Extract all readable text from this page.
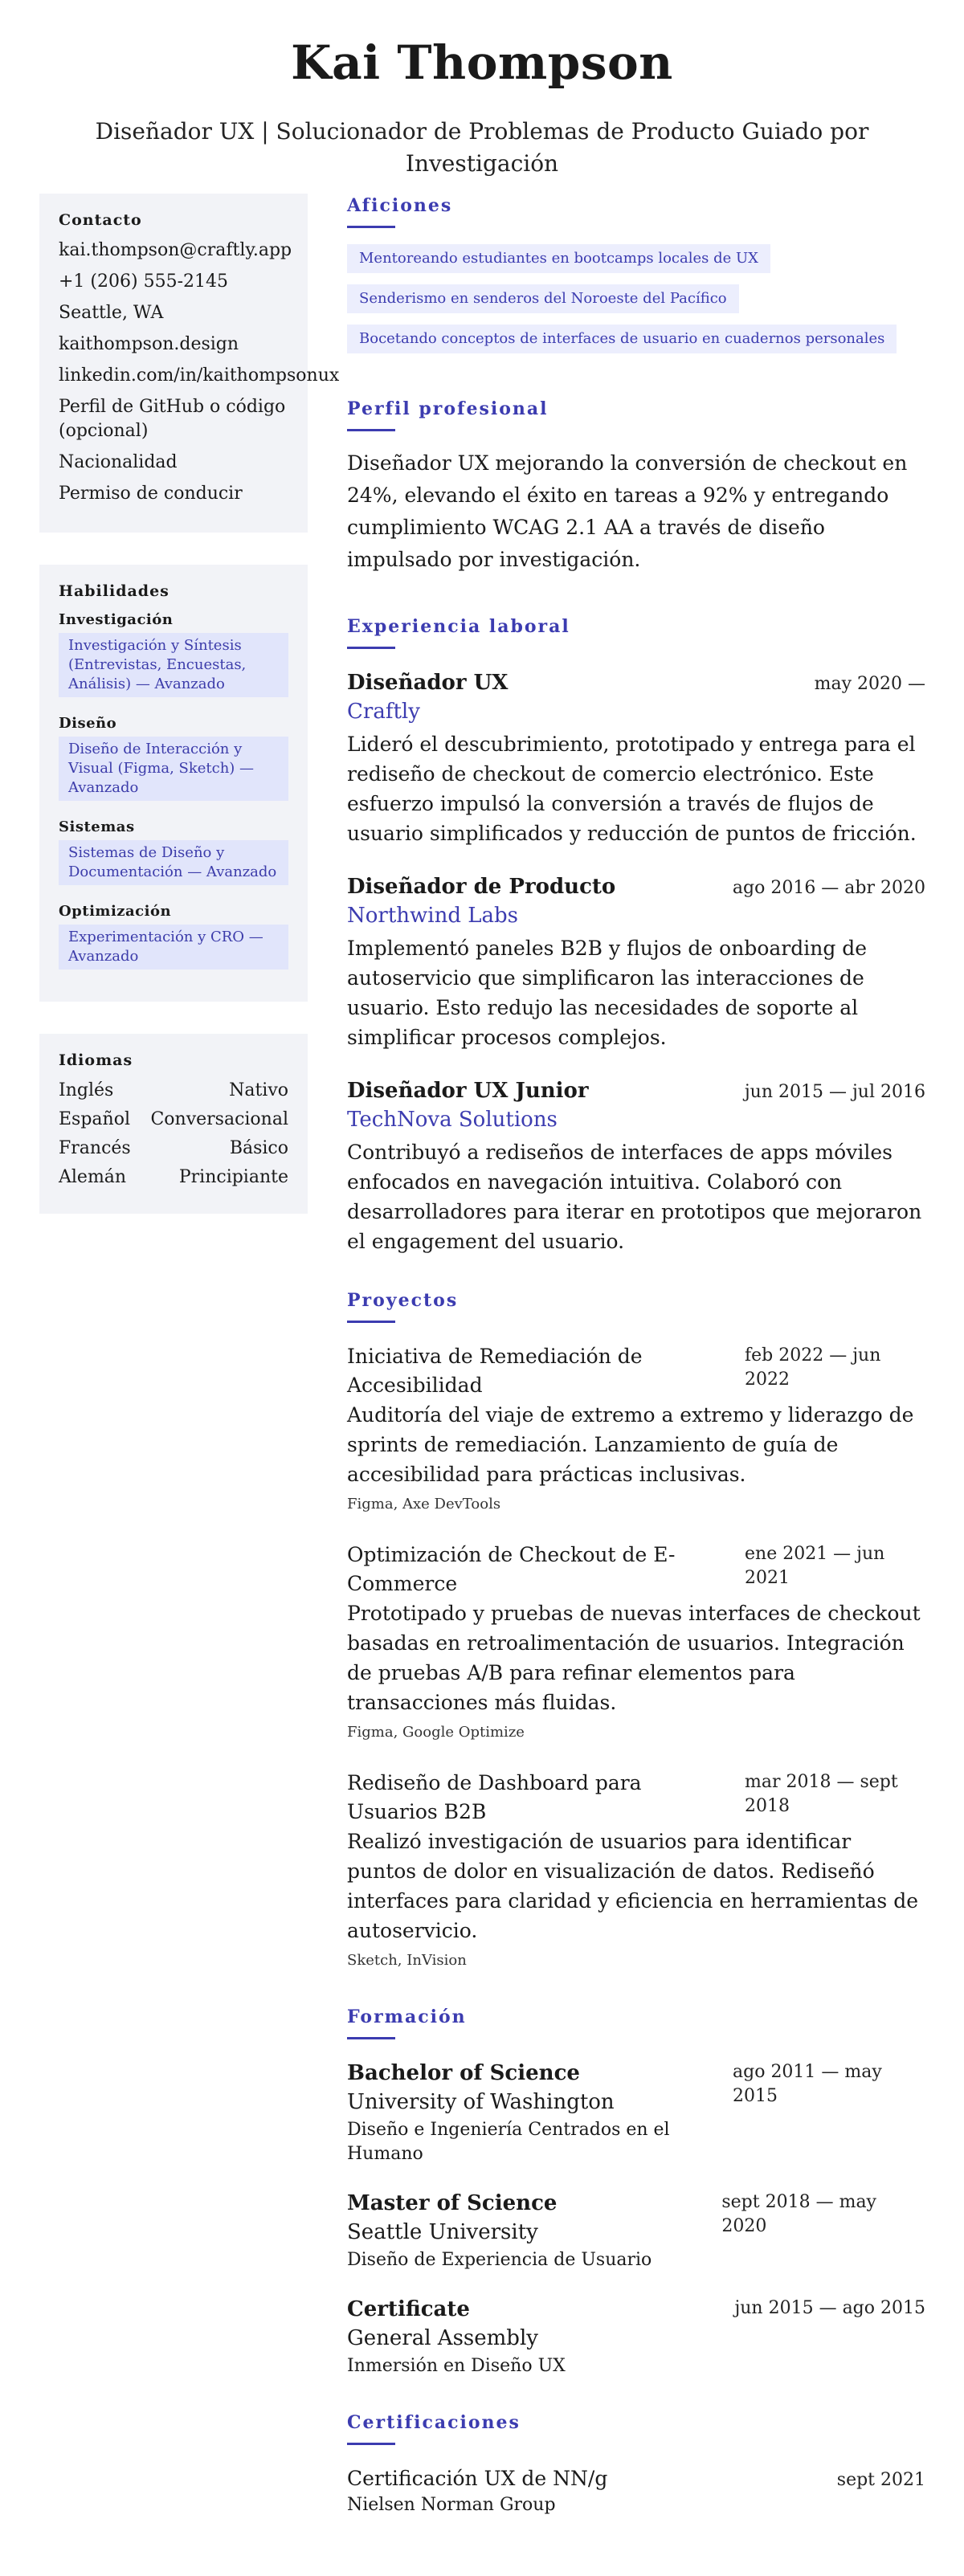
Kai Thompson
Diseñador UX | Solucionador de Problemas de Producto Guiado por Investigación
Contacto
kai.thompson@craftly.app
+1 (206) 555-2145
Seattle, WA
kaithompson.design
linkedin.com/in/kaithompsonux
Perfil de GitHub o código (opcional)
Nacionalidad
Permiso de conducir
Habilidades
Investigación
Investigación y Síntesis (Entrevistas, Encuestas, Análisis) — Avanzado
Diseño
Diseño de Interacción y Visual (Figma, Sketch) — Avanzado
Sistemas
Sistemas de Diseño y Documentación — Avanzado
Optimización
Experimentación y CRO — Avanzado
Idiomas
Inglés	Nativo
Español Conversacional
Francés	Básico
Alemán	Principiante
Aficiones
Mentoreando estudiantes en bootcamps locales de UX
Senderismo en senderos del Noroeste del Pacífico
Bocetando conceptos de interfaces de usuario en cuadernos personales
Perfil profesional
Diseñador UX mejorando la conversión de checkout en 24%, elevando el éxito en tareas a 92% y entregando cumplimiento WCAG 2.1 AA a través de diseño impulsado por investigación.
Experiencia laboral
Diseñador UX	may 2020 —
Craftly
Lideró el descubrimiento, prototipado y entrega para el rediseño de checkout de comercio electrónico. Este esfuerzo impulsó la conversión a través de flujos de usuario simplificados y reducción de puntos de fricción.
Diseñador de Producto	ago 2016 — abr 2020
Northwind Labs
Implementó paneles B2B y flujos de onboarding de autoservicio que simplificaron las interacciones de usuario. Esto redujo las necesidades de soporte al simplificar procesos complejos.
Diseñador UX Junior	jun 2015 — jul 2016
TechNova Solutions
Contribuyó a rediseños de interfaces de apps móviles enfocados en navegación intuitiva. Colaboró con desarrolladores para iterar en prototipos que mejoraron el engagement del usuario.
Proyectos
Iniciativa de Remediación de Accesibilidad
feb 2022 — jun 2022
Auditoría del viaje de extremo a extremo y liderazgo de sprints de remediación. Lanzamiento de guía de accesibilidad para prácticas inclusivas.
Figma, Axe DevTools
Optimización de Checkout de E-Commerce
ene 2021 — jun 2021
Prototipado y pruebas de nuevas interfaces de checkout basadas en retroalimentación de usuarios. Integración de pruebas A/B para refinar elementos para transacciones más fluidas.
Figma, Google Optimize
Rediseño de Dashboard para Usuarios B2B
mar 2018 — sept 2018
Realizó investigación de usuarios para identificar puntos de dolor en visualización de datos. Rediseñó interfaces para claridad y eficiencia en herramientas de autoservicio.
Sketch, InVision
Formación
Bachelor of Science
University of Washington
Diseño e Ingeniería Centrados en el Humano
ago 2011 — may 2015
Master of Science
Seattle University
Diseño de Experiencia de Usuario
sept 2018 — may 2020
Certificate
General Assembly
Inmersión en Diseño UX
jun 2015 — ago 2015
Certificaciones
Certificación UX de NN/g	sept 2021
Nielsen Norman Group
